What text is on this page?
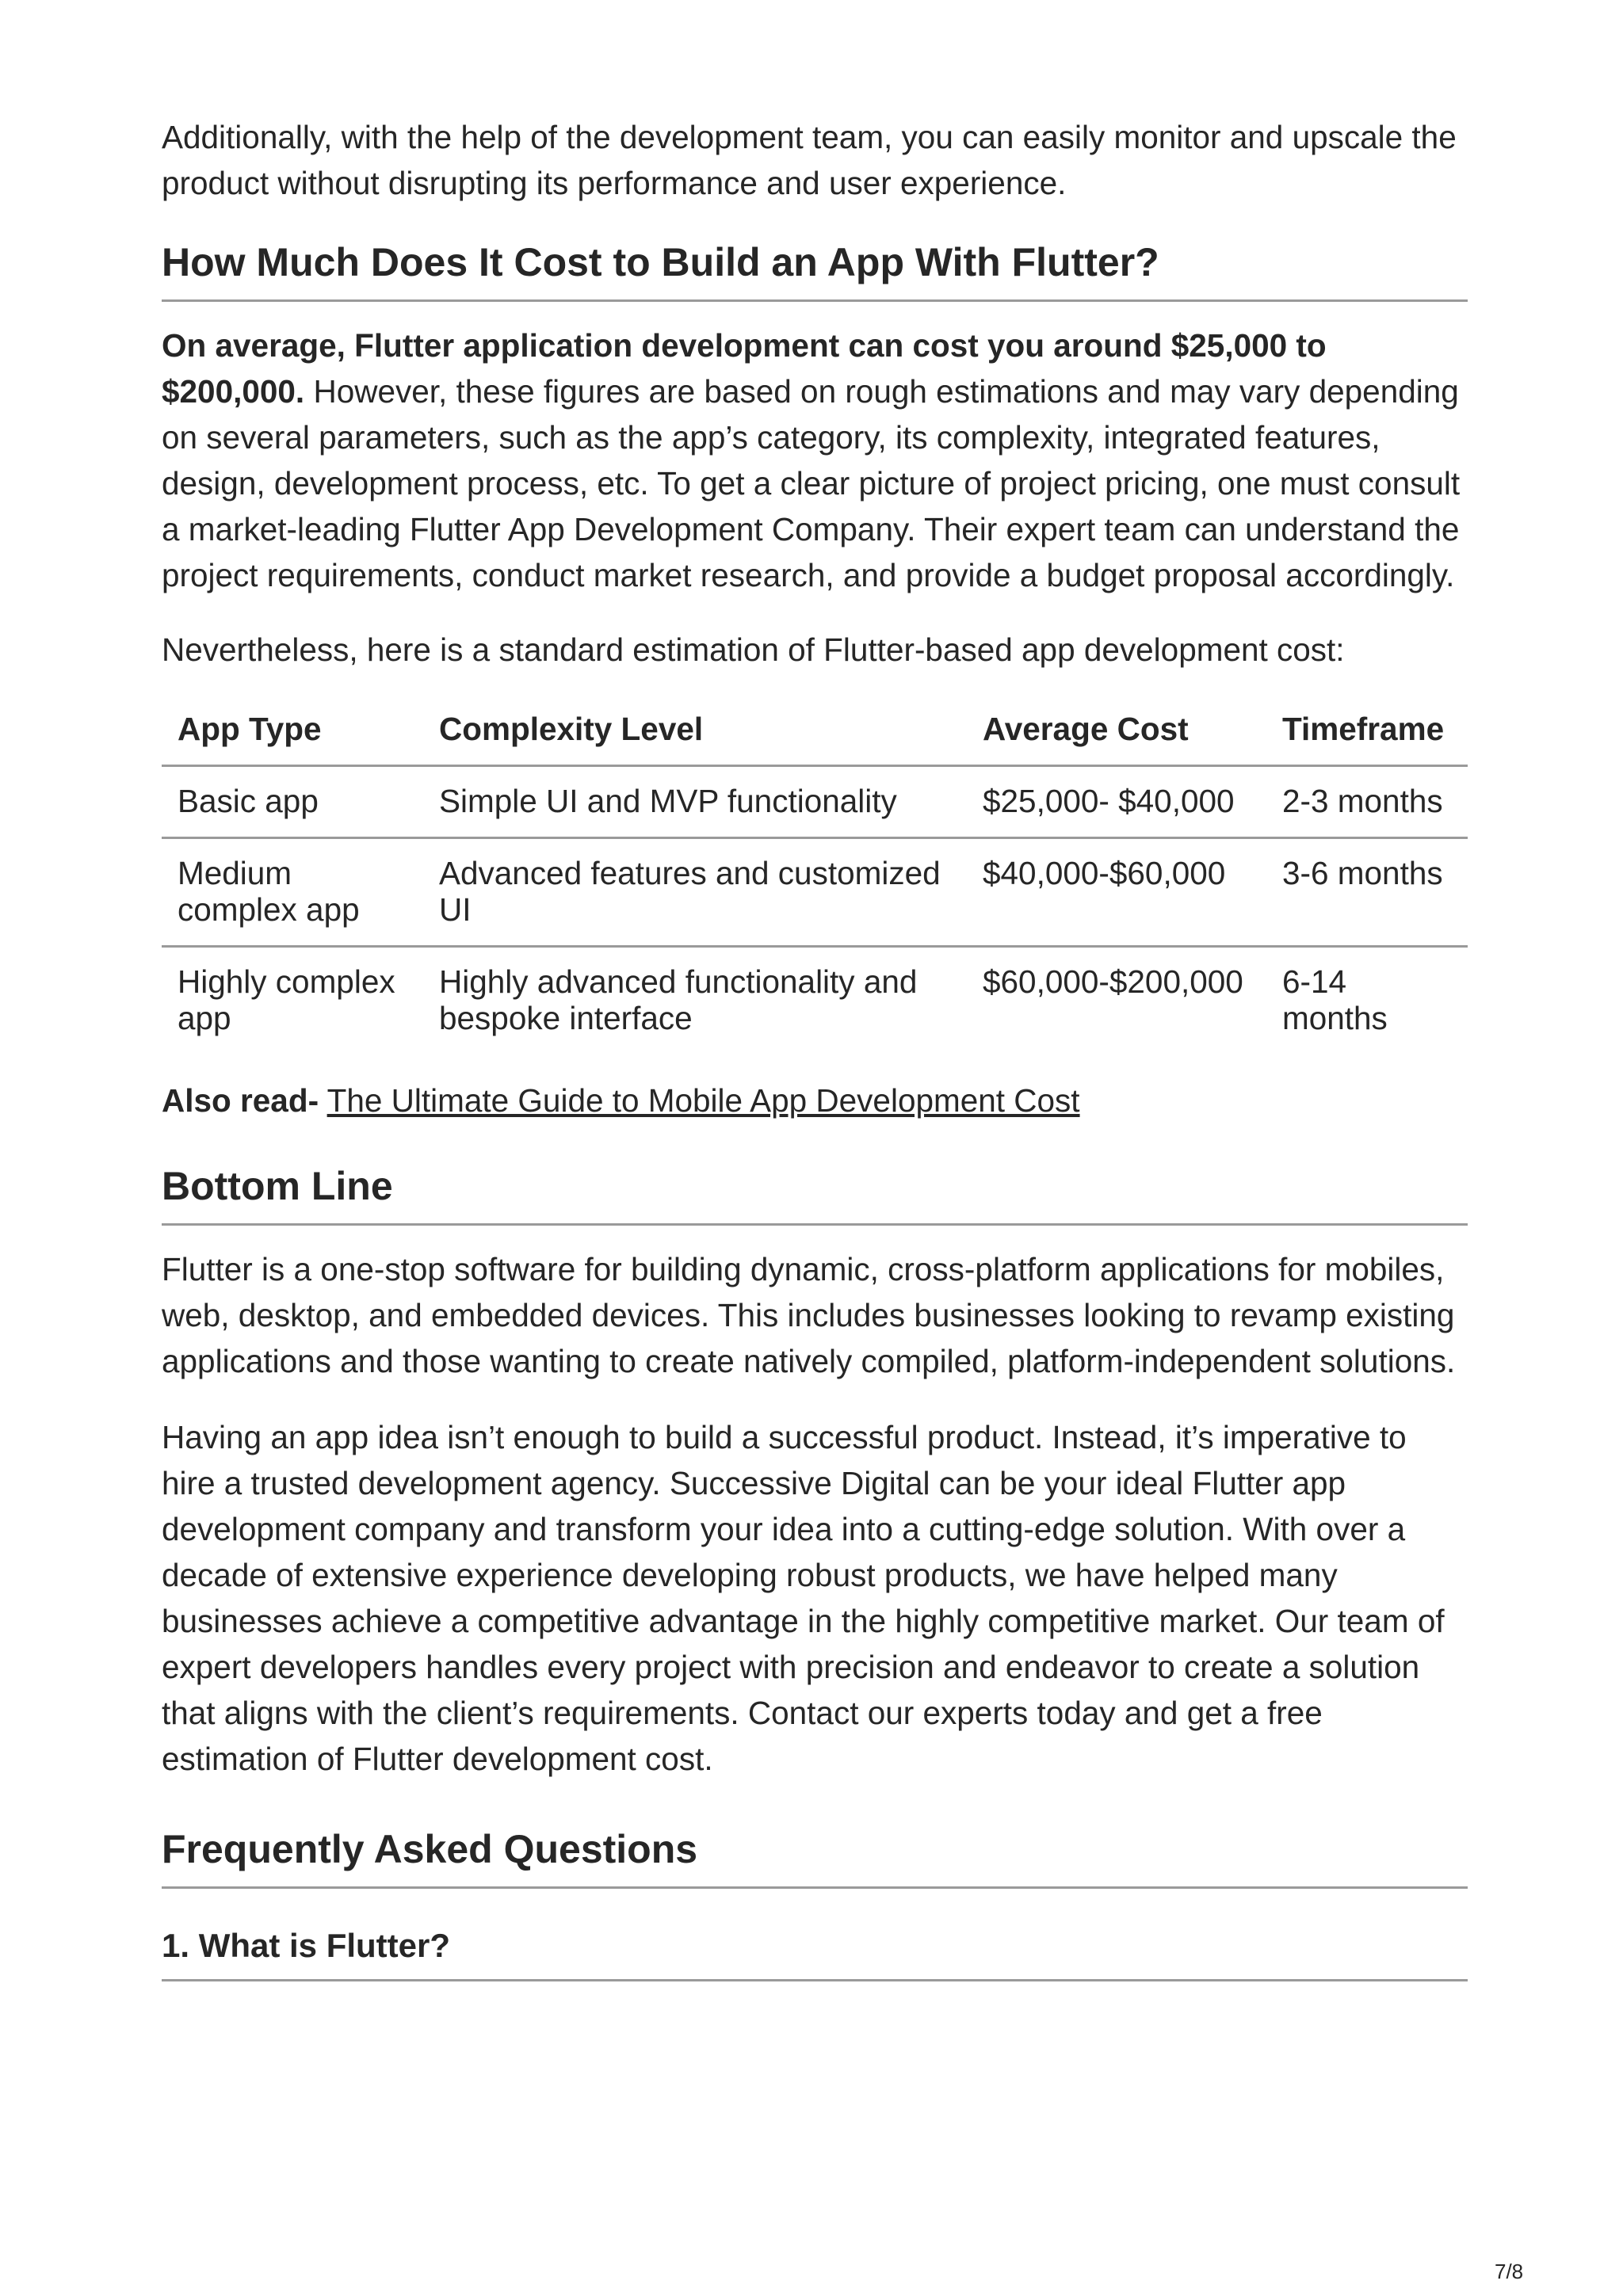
Additionally, with the help of the development team, you can easily monitor and upscale the product without disrupting its performance and user experience.

How Much Does It Cost to Build an App With Flutter?

On average, Flutter application development can cost you around $25,000 to $200,000. However, these figures are based on rough estimations and may vary depending on several parameters, such as the app’s category, its complexity, integrated features, design, development process, etc. To get a clear picture of project pricing, one must consult a market-leading Flutter App Development Company. Their expert team can understand the project requirements, conduct market research, and provide a budget proposal accordingly.

Nevertheless, here is a standard estimation of Flutter-based app development cost:

App Type	Complexity Level	Average Cost	Timeframe
Basic app	Simple UI and MVP functionality	$25,000- $40,000	2-3 months
Medium complex app	Advanced features and customized UI	$40,000-$60,000	3-6 months
Highly complex app	Highly advanced functionality and bespoke interface	$60,000-$200,000	6-14 months

Also read- The Ultimate Guide to Mobile App Development Cost

Bottom Line

Flutter is a one-stop software for building dynamic, cross-platform applications for mobiles, web, desktop, and embedded devices. This includes businesses looking to revamp existing applications and those wanting to create natively compiled, platform-independent solutions.

Having an app idea isn’t enough to build a successful product. Instead, it’s imperative to hire a trusted development agency. Successive Digital can be your ideal Flutter app development company and transform your idea into a cutting-edge solution. With over a decade of extensive experience developing robust products, we have helped many businesses achieve a competitive advantage in the highly competitive market. Our team of expert developers handles every project with precision and endeavor to create a solution that aligns with the client’s requirements. Contact our experts today and get a free estimation of Flutter development cost.

Frequently Asked Questions
1. What is Flutter?
7/8
